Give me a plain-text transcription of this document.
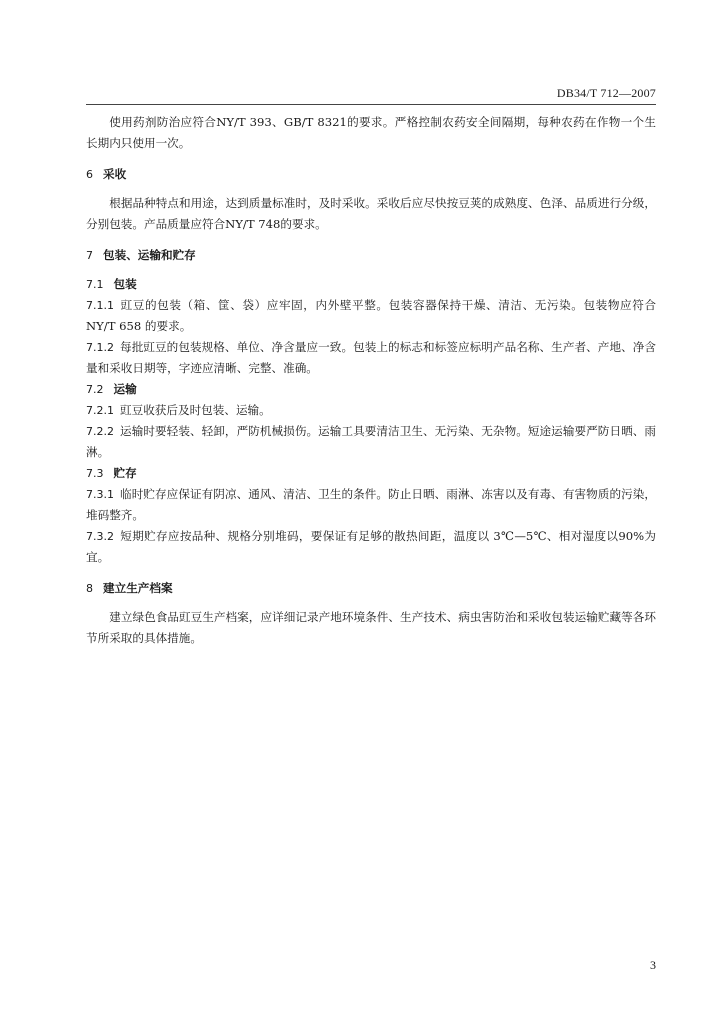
DB34/T 712—2007

使用药剂防治应符合NY/T 393、GB/T 8321的要求。严格控制农药安全间隔期，每种农药在作物一个生长期内只使用一次。

6 采收

根据品种特点和用途，达到质量标准时，及时采收。采收后应尽快按豆荚的成熟度、色泽、品质进行分级，分别包装。产品质量应符合NY/T 748的要求。

7 包装、运输和贮存
7.1 包装

7.1.1 豇豆的包装（箱、筐、袋）应牢固，内外壁平整。包装容器保持干燥、清洁、无污染。包装物应符合 NY/T 658 的要求。

7.1.2 每批豇豆的包装规格、单位、净含量应一致。包装上的标志和标签应标明产品名称、生产者、产地、净含量和采收日期等，字迹应清晰、完整、准确。

7.2 运输

7.2.1 豇豆收获后及时包装、运输。

7.2.2 运输时要轻装、轻卸，严防机械损伤。运输工具要清洁卫生、无污染、无杂物。短途运输要严防日晒、雨淋。

7.3 贮存

7.3.1 临时贮存应保证有阴凉、通风、清洁、卫生的条件。防止日晒、雨淋、冻害以及有毒、有害物质的污染，堆码整齐。

7.3.2 短期贮存应按品种、规格分别堆码，要保证有足够的散热间距，温度以 3℃—5℃、相对湿度以90%为宜。

8 建立生产档案

建立绿色食品豇豆生产档案，应详细记录产地环境条件、生产技术、病虫害防治和采收包装运输贮藏等各环节所采取的具体措施。

3
